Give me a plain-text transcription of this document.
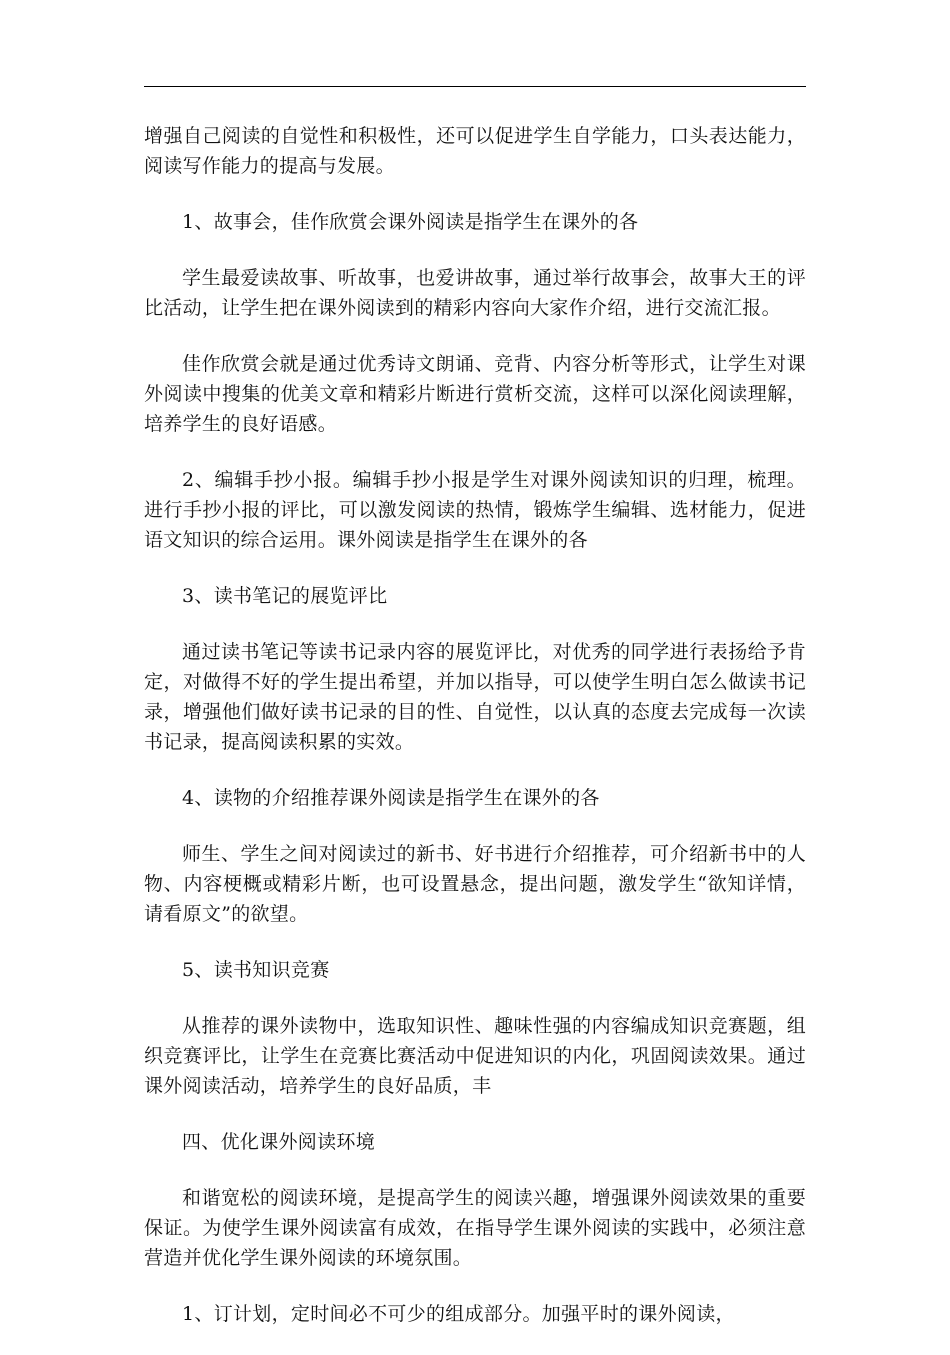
增强自己阅读的自觉性和积极性，还可以促进学生自学能力，口头表达能力，阅读写作能力的提高与发展。

1、故事会，佳作欣赏会课外阅读是指学生在课外的各

学生最爱读故事、听故事，也爱讲故事，通过举行故事会，故事大王的评比活动，让学生把在课外阅读到的精彩内容向大家作介绍，进行交流汇报。

佳作欣赏会就是通过优秀诗文朗诵、竞背、内容分析等形式，让学生对课外阅读中搜集的优美文章和精彩片断进行赏析交流，这样可以深化阅读理解，培养学生的良好语感。

2、编辑手抄小报。编辑手抄小报是学生对课外阅读知识的归理，梳理。进行手抄小报的评比，可以激发阅读的热情，锻炼学生编辑、选材能力，促进语文知识的综合运用。课外阅读是指学生在课外的各

3、读书笔记的展览评比

通过读书笔记等读书记录内容的展览评比，对优秀的同学进行表扬给予肯定，对做得不好的学生提出希望，并加以指导，可以使学生明白怎么做读书记录，增强他们做好读书记录的目的性、自觉性，以认真的态度去完成每一次读书记录，提高阅读积累的实效。

4、读物的介绍推荐课外阅读是指学生在课外的各

师生、学生之间对阅读过的新书、好书进行介绍推荐，可介绍新书中的人物、内容梗概或精彩片断，也可设置悬念，提出问题，激发学生“欲知详情，请看原文”的欲望。

5、读书知识竞赛

从推荐的课外读物中，选取知识性、趣味性强的内容编成知识竞赛题，组织竞赛评比，让学生在竞赛比赛活动中促进知识的内化，巩固阅读效果。通过课外阅读活动，培养学生的良好品质，丰

四、优化课外阅读环境

和谐宽松的阅读环境，是提高学生的阅读兴趣，增强课外阅读效果的重要保证。为使学生课外阅读富有成效，在指导学生课外阅读的实践中，必须注意营造并优化学生课外阅读的环境氛围。

1、订计划，定时间必不可少的组成部分。加强平时的课外阅读，
